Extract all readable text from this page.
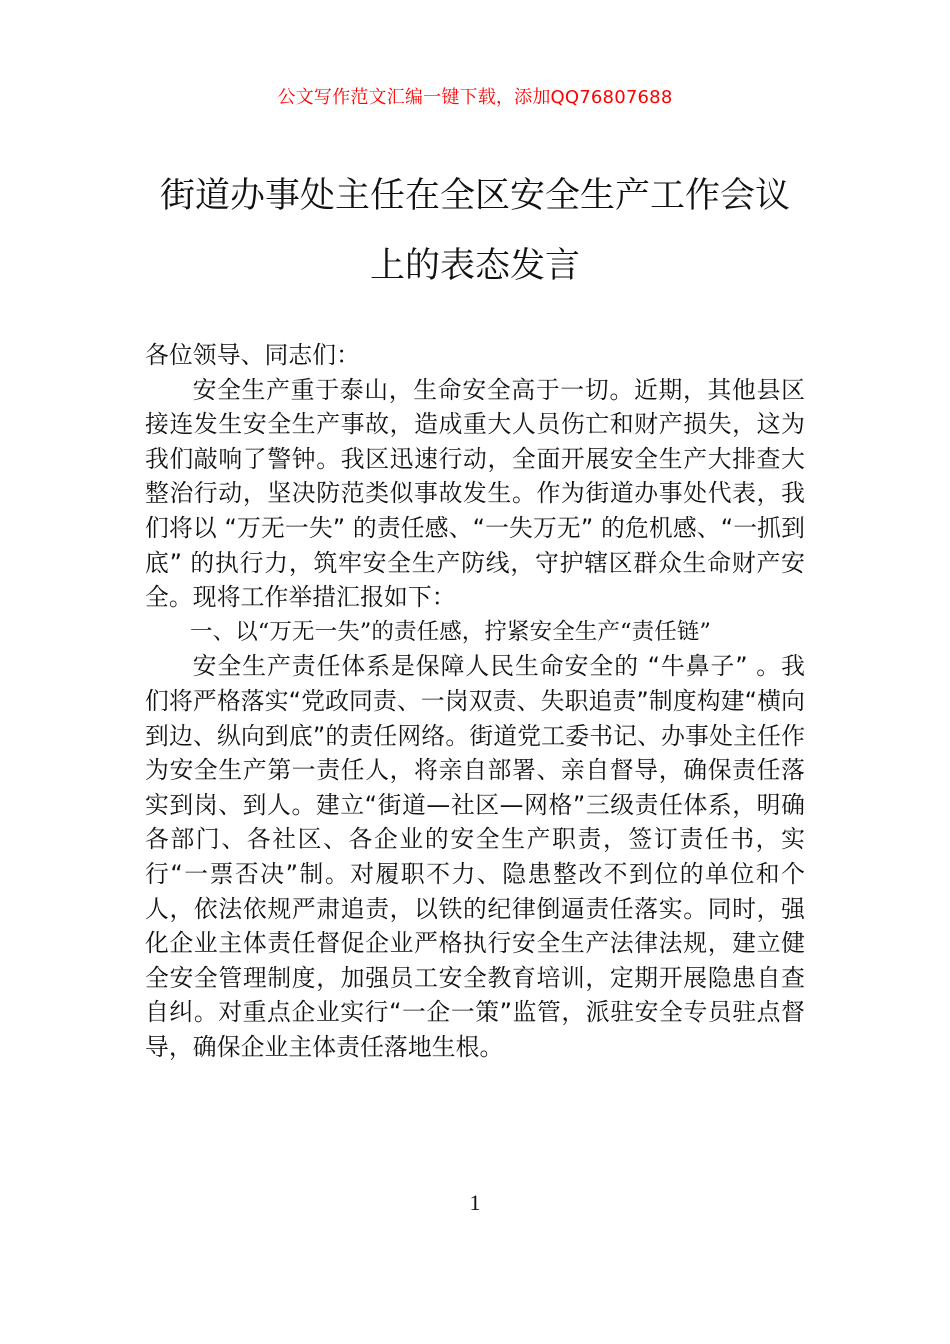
公文写作范文汇编一键下载，添加QQ76807688
街道办事处主任在全区安全生产工作会议
上的表态发言

各位领导、同志们：

安全生产重于泰山，生命安全高于一切。近期，其他县区接连发生安全生产事故，造成重大人员伤亡和财产损失，这为我们敲响了警钟。我区迅速行动，全面开展安全生产大排查大整治行动，坚决防范类似事故发生。作为街道办事处代表，我们将以 “万无一失” 的责任感、“一失万无” 的危机感、“一抓到底” 的执行力，筑牢安全生产防线，守护辖区群众生命财产安全。现将工作举措汇报如下：

一、以“万无一失”的责任感，拧紧安全生产“责任链”

安全生产责任体系是保障人民生命安全的 “牛鼻子” 。我们将严格落实“党政同责、一岗双责、失职追责”制度构建“横向到边、纵向到底”的责任网络。街道党工委书记、办事处主任作为安全生产第一责任人，将亲自部署、亲自督导，确保责任落实到岗、到人。建立“街道—社区—网格”三级责任体系，明确各部门、各社区、各企业的安全生产职责，签订责任书，实行“一票否决”制。对履职不力、隐患整改不到位的单位和个人，依法依规严肃追责，以铁的纪律倒逼责任落实。同时，强化企业主体责任督促企业严格执行安全生产法律法规，建立健全安全管理制度，加强员工安全教育培训，定期开展隐患自查自纠。对重点企业实行“一企一策”监管，派驻安全专员驻点督导，确保企业主体责任落地生根。

1
